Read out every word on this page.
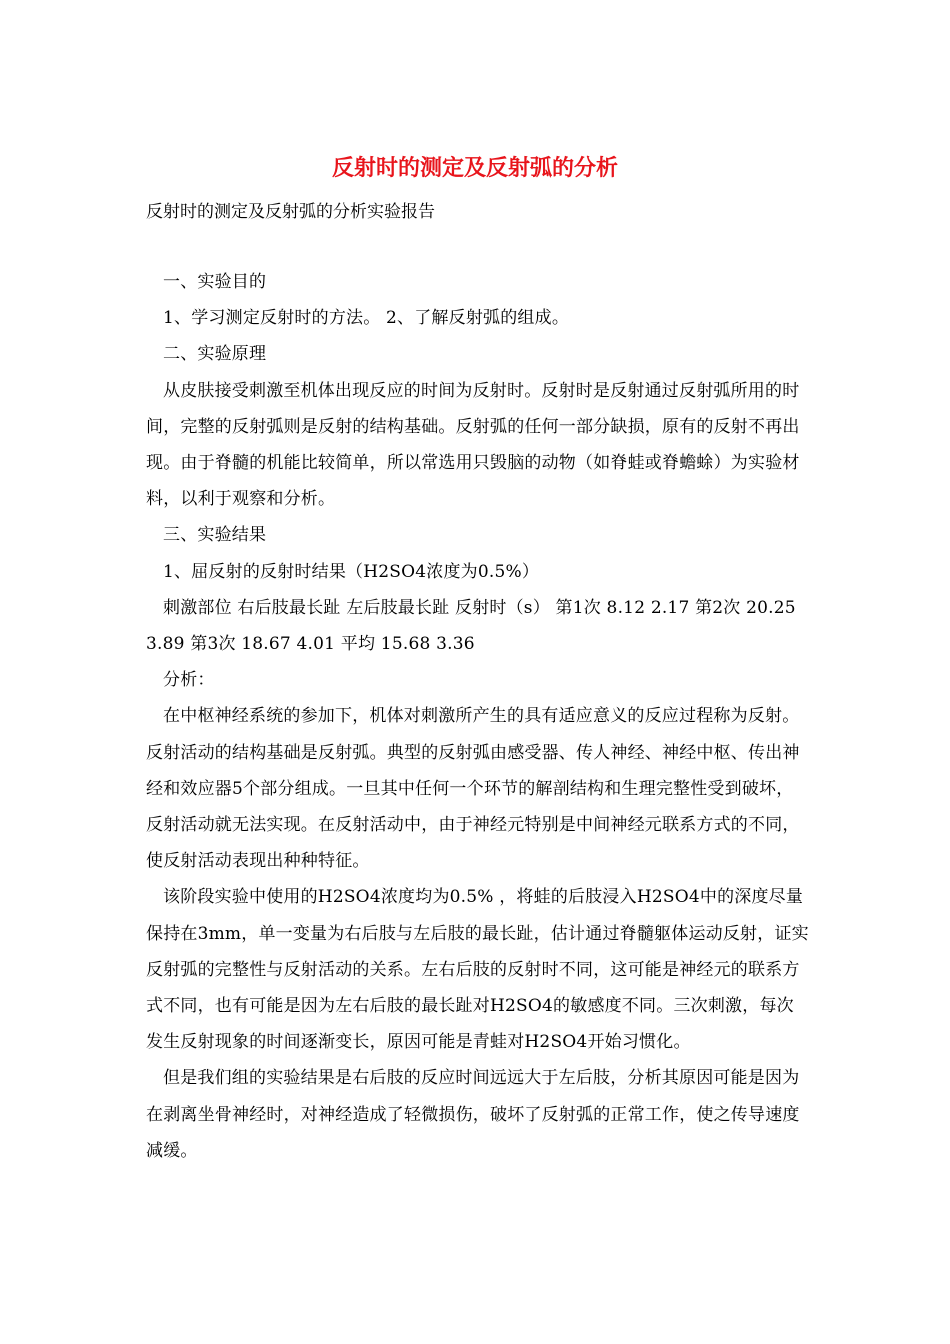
反射时的测定及反射弧的分析
反射时的测定及反射弧的分析实验报告

一、实验目的

1、学习测定反射时的方法。 2、了解反射弧的组成。

二、实验原理

从皮肤接受刺激至机体出现反应的时间为反射时。反射时是反射通过反射弧所用的时间，完整的反射弧则是反射的结构基础。反射弧的任何一部分缺损，原有的反射不再出现。由于脊髓的机能比较简单，所以常选用只毁脑的动物（如脊蛙或脊蟾蜍）为实验材料，以利于观察和分析。

三、实验结果

1、屈反射的反射时结果（H2SO4浓度为0.5%）

刺激部位 右后肢最长趾 左后肢最长趾 反射时（s） 第1次 8.12 2.17 第2次 20.25 3.89 第3次 18.67 4.01 平均 15.68 3.36

分析：

在中枢神经系统的参加下，机体对刺激所产生的具有适应意义的反应过程称为反射。反射活动的结构基础是反射弧。典型的反射弧由感受器、传人神经、神经中枢、传出神经和效应器5个部分组成。一旦其中任何一个环节的解剖结构和生理完整性受到破坏，反射活动就无法实现。在反射活动中，由于神经元特别是中间神经元联系方式的不同，使反射活动表现出种种特征。

该阶段实验中使用的H2SO4浓度均为0.5% ，将蛙的后肢浸入H2SO4中的深度尽量保持在3mm，单一变量为右后肢与左后肢的最长趾，估计通过脊髓躯体运动反射，证实反射弧的完整性与反射活动的关系。左右后肢的反射时不同，这可能是神经元的联系方式不同，也有可能是因为左右后肢的最长趾对H2SO4的敏感度不同。三次刺激，每次发生反射现象的时间逐渐变长，原因可能是青蛙对H2SO4开始习惯化。

但是我们组的实验结果是右后肢的反应时间远远大于左后肢，分析其原因可能是因为在剥离坐骨神经时，对神经造成了轻微损伤，破坏了反射弧的正常工作，使之传导速度减缓。
